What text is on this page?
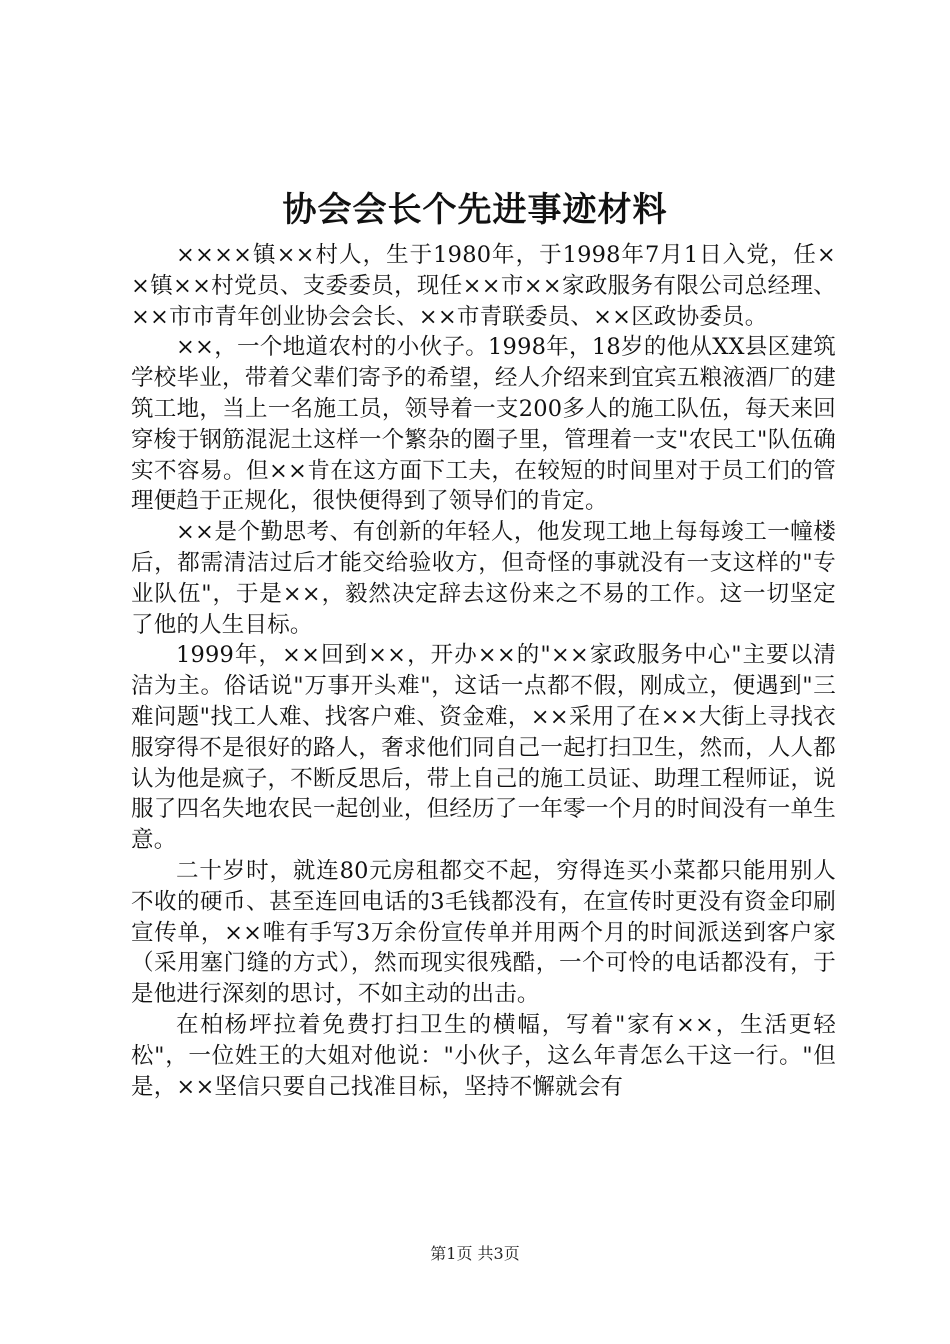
协会会长个先进事迹材料

××××镇××村人，生于1980年，于1998年7月1日入党，任××镇××村党员、支委委员，现任××市××家政服务有限公司总经理、××市市青年创业协会会长、××市青联委员、××区政协委员。

××，一个地道农村的小伙子。1998年，18岁的他从XX县区建筑学校毕业，带着父辈们寄予的希望，经人介绍来到宜宾五粮液酒厂的建筑工地，当上一名施工员，领导着一支200多人的施工队伍，每天来回穿梭于钢筋混泥土这样一个繁杂的圈子里，管理着一支"农民工"队伍确实不容易。但××肯在这方面下工夫，在较短的时间里对于员工们的管理便趋于正规化，很快便得到了领导们的肯定。

××是个勤思考、有创新的年轻人，他发现工地上每每竣工一幢楼后，都需清洁过后才能交给验收方，但奇怪的事就没有一支这样的"专业队伍"，于是××，毅然决定辞去这份来之不易的工作。这一切坚定了他的人生目标。

1999年，××回到××，开办××的"××家政服务中心"主要以清洁为主。俗话说"万事开头难"，这话一点都不假，刚成立，便遇到"三难问题"找工人难、找客户难、资金难，××采用了在××大街上寻找衣服穿得不是很好的路人，奢求他们同自己一起打扫卫生，然而，人人都认为他是疯子，不断反思后，带上自己的施工员证、助理工程师证，说服了四名失地农民一起创业，但经历了一年零一个月的时间没有一单生意。

二十岁时，就连80元房租都交不起，穷得连买小菜都只能用别人不收的硬币、甚至连回电话的3毛钱都没有，在宣传时更没有资金印刷宣传单，××唯有手写3万余份宣传单并用两个月的时间派送到客户家（采用塞门缝的方式），然而现实很残酷，一个可怜的电话都没有，于是他进行深刻的思讨，不如主动的出击。

在柏杨坪拉着免费打扫卫生的横幅，写着"家有××，生活更轻松"，一位姓王的大姐对他说："小伙子，这么年青怎么干这一行。"但是，××坚信只要自己找准目标，坚持不懈就会有

第1页 共3页
